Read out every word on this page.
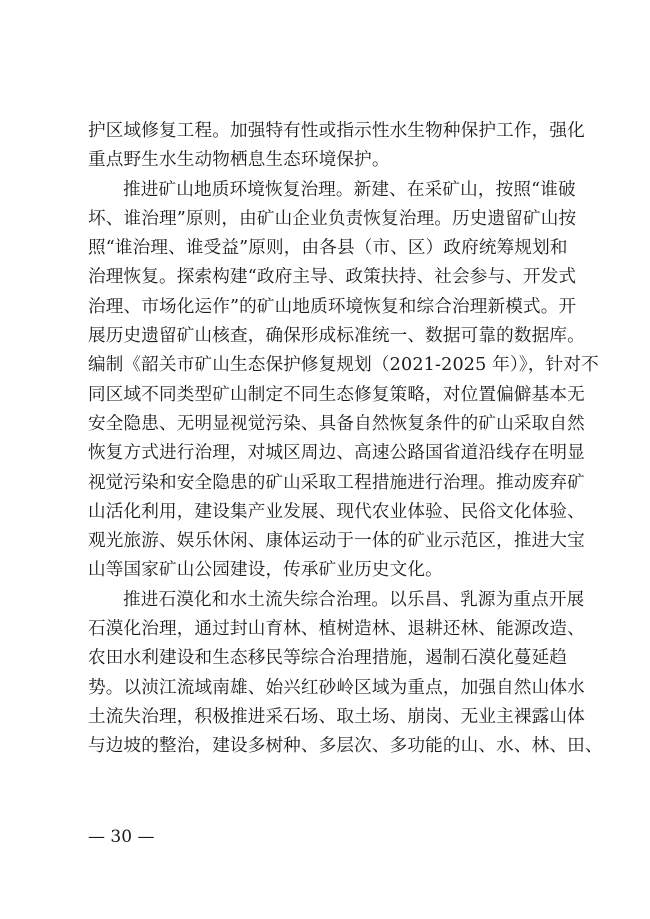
护区域修复工程。加强特有性或指示性水生物种保护工作，强化
重点野生水生动物栖息生态环境保护。

推进矿山地质环境恢复治理。新建、在采矿山，按照“谁破
坏、谁治理”原则，由矿山企业负责恢复治理。历史遗留矿山按
照“谁治理、谁受益”原则，由各县（市、区）政府统筹规划和
治理恢复。探索构建“政府主导、政策扶持、社会参与、开发式
治理、市场化运作”的矿山地质环境恢复和综合治理新模式。开
展历史遗留矿山核查，确保形成标准统一、数据可靠的数据库。
编制《韶关市矿山生态保护修复规划（2021-2025 年）》，针对不
同区域不同类型矿山制定不同生态修复策略，对位置偏僻基本无
安全隐患、无明显视觉污染、具备自然恢复条件的矿山采取自然
恢复方式进行治理，对城区周边、高速公路国省道沿线存在明显
视觉污染和安全隐患的矿山采取工程措施进行治理。推动废弃矿
山活化利用，建设集产业发展、现代农业体验、民俗文化体验、
观光旅游、娱乐休闲、康体运动于一体的矿业示范区，推进大宝
山等国家矿山公园建设，传承矿业历史文化。

推进石漠化和水土流失综合治理。以乐昌、乳源为重点开展
石漠化治理，通过封山育林、植树造林、退耕还林、能源改造、
农田水利建设和生态移民等综合治理措施，遏制石漠化蔓延趋
势。以浈江流域南雄、始兴红砂岭区域为重点，加强自然山体水
土流失治理，积极推进采石场、取土场、崩岗、无业主裸露山体
与边坡的整治，建设多树种、多层次、多功能的山、水、林、田、

— 30 —
